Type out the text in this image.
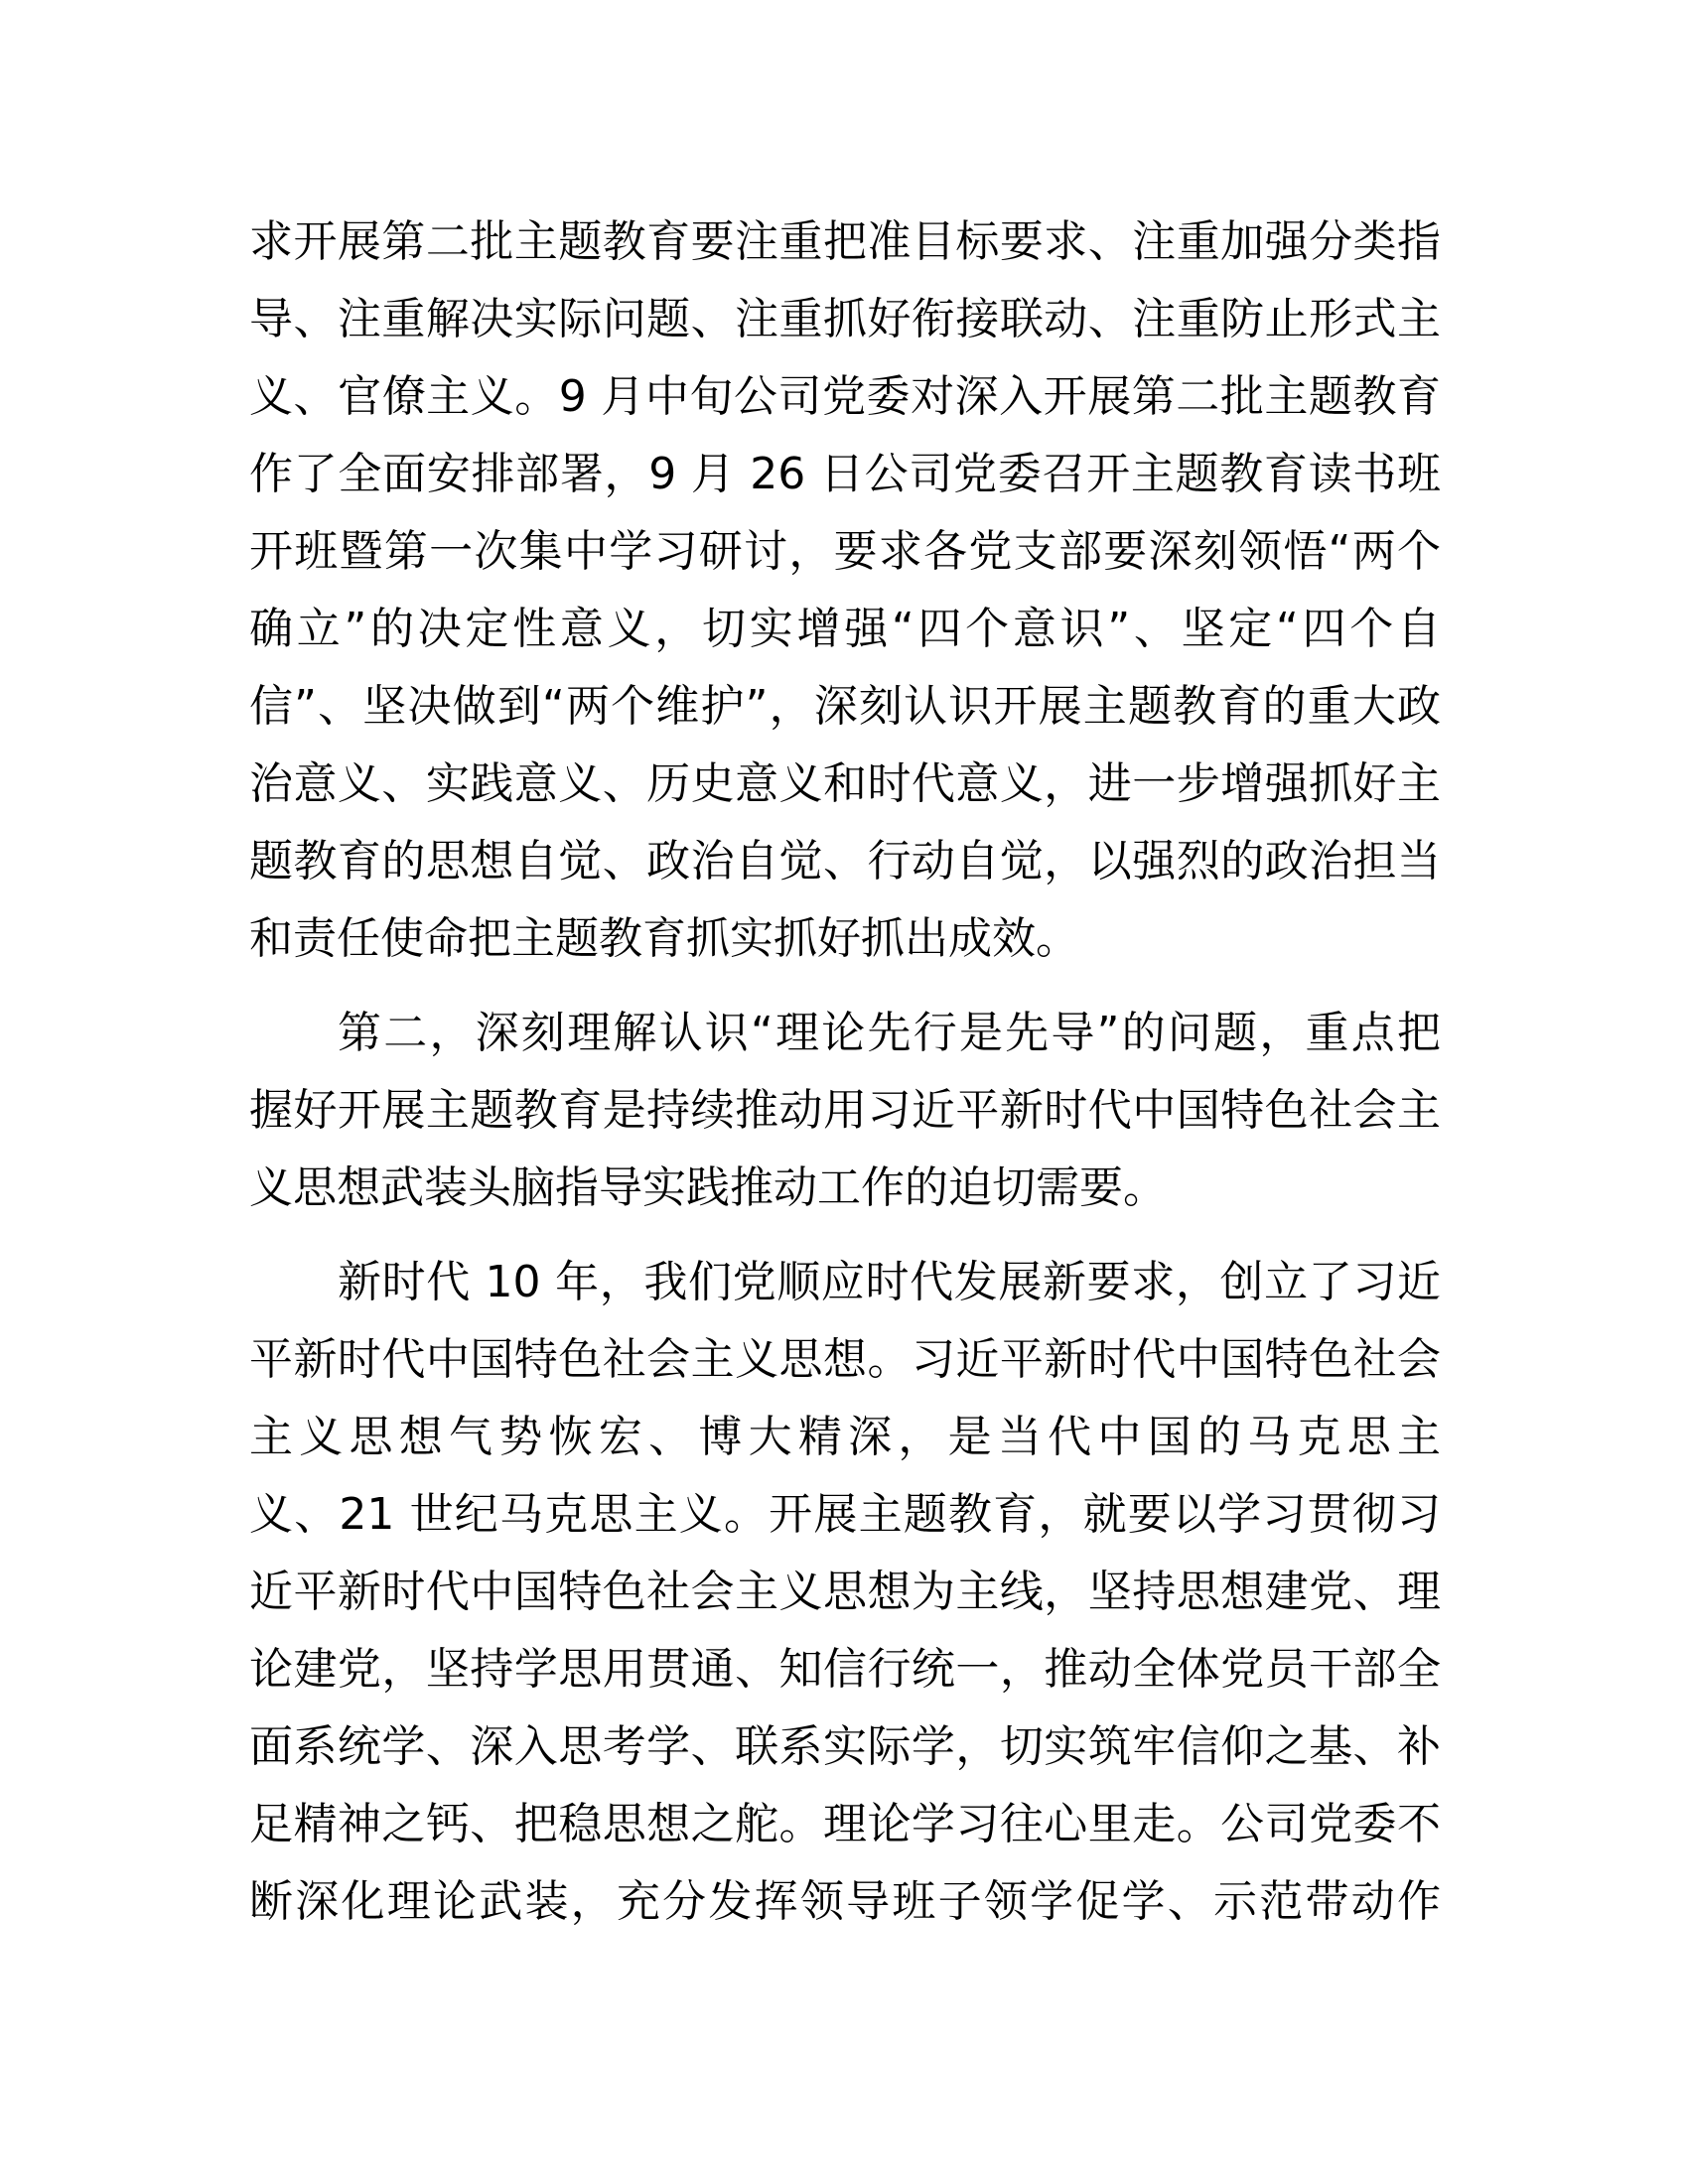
求开展第二批主题教育要注重把准目标要求、注重加强分类指
导、注重解决实际问题、注重抓好衔接联动、注重防止形式主
义、官僚主义。9 月中旬公司党委对深入开展第二批主题教育
作了全面安排部署，9 月 26 日公司党委召开主题教育读书班
开班暨第一次集中学习研讨，要求各党支部要深刻领悟“两个
确立”的决定性意义，切实增强“四个意识”、坚定“四个自
信”、坚决做到“两个维护”，深刻认识开展主题教育的重大政
治意义、实践意义、历史意义和时代意义，进一步增强抓好主
题教育的思想自觉、政治自觉、行动自觉，以强烈的政治担当
和责任使命把主题教育抓实抓好抓出成效。
第二，深刻理解认识“理论先行是先导”的问题，重点把
握好开展主题教育是持续推动用习近平新时代中国特色社会主
义思想武装头脑指导实践推动工作的迫切需要。
新时代 10 年，我们党顺应时代发展新要求，创立了习近
平新时代中国特色社会主义思想。习近平新时代中国特色社会
主义思想气势恢宏、博大精深，是当代中国的马克思主
义、21 世纪马克思主义。开展主题教育，就要以学习贯彻习
近平新时代中国特色社会主义思想为主线，坚持思想建党、理
论建党，坚持学思用贯通、知信行统一，推动全体党员干部全
面系统学、深入思考学、联系实际学，切实筑牢信仰之基、补
足精神之钙、把稳思想之舵。理论学习往心里走。公司党委不
断深化理论武装，充分发挥领导班子领学促学、示范带动作
